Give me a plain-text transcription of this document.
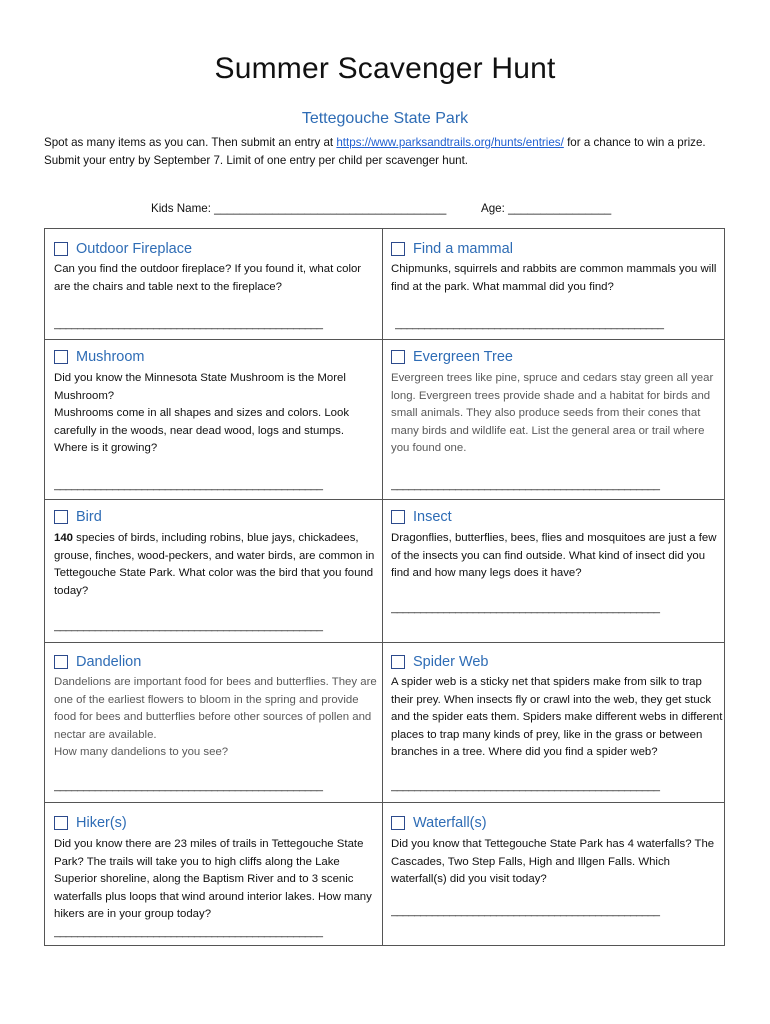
Summer Scavenger Hunt
Tettegouche State Park
Spot as many items as you can. Then submit an entry at https://www.parksandtrails.org/hunts/entries/ for a chance to win a prize. Submit your entry by September 7. Limit of one entry per child per scavenger hunt.
Kids Name: ____________________________________	Age: ________________
Outdoor Fireplace
Can you find the outdoor fireplace? If you found it, what color are the chairs and table next to the fireplace?
______________________________________________
Find a mammal
Chipmunks, squirrels and rabbits are common mammals you will find at the park. What mammal did you find?
______________________________________________
Mushroom
Did you know the Minnesota State Mushroom is the Morel Mushroom?
Mushrooms come in all shapes and sizes and colors. Look carefully in the woods, near dead wood, logs and stumps. Where is it growing?
______________________________________________
Evergreen Tree
Evergreen trees like pine, spruce and cedars stay green all year long. Evergreen trees provide shade and a habitat for birds and small animals. They also produce seeds from their cones that many birds and wildlife eat. List the general area or trail where you found one.
______________________________________________
Bird
140 species of birds, including robins, blue jays, chickadees, grouse, finches, wood-peckers, and water birds, are common in Tettegouche State Park. What color was the bird that you found today?
______________________________________________
Insect
Dragonflies, butterflies, bees, flies and mosquitoes are just a few of the insects you can find outside. What kind of insect did you find and how many legs does it have?
______________________________________________
Dandelion
Dandelions are important food for bees and butterflies. They are one of the earliest flowers to bloom in the spring and provide food for bees and butterflies before other sources of pollen and nectar are available.
How many dandelions to you see?
______________________________________________
Spider Web
A spider web is a sticky net that spiders make from silk to trap their prey. When insects fly or crawl into the web, they get stuck and the spider eats them. Spiders make different webs in different places to trap many kinds of prey, like in the grass or between branches in a tree. Where did you find a spider web?
______________________________________________
Hiker(s)
Did you know there are 23 miles of trails in Tettegouche State Park? The trails will take you to high cliffs along the Lake Superior shoreline, along the Baptism River and to 3 scenic waterfalls plus loops that wind around interior lakes. How many hikers are in your group today?
______________________________________________
Waterfall(s)
Did you know that Tettegouche State Park has 4 waterfalls? The Cascades, Two Step Falls, High and Illgen Falls. Which waterfall(s) did you visit today?
______________________________________________
